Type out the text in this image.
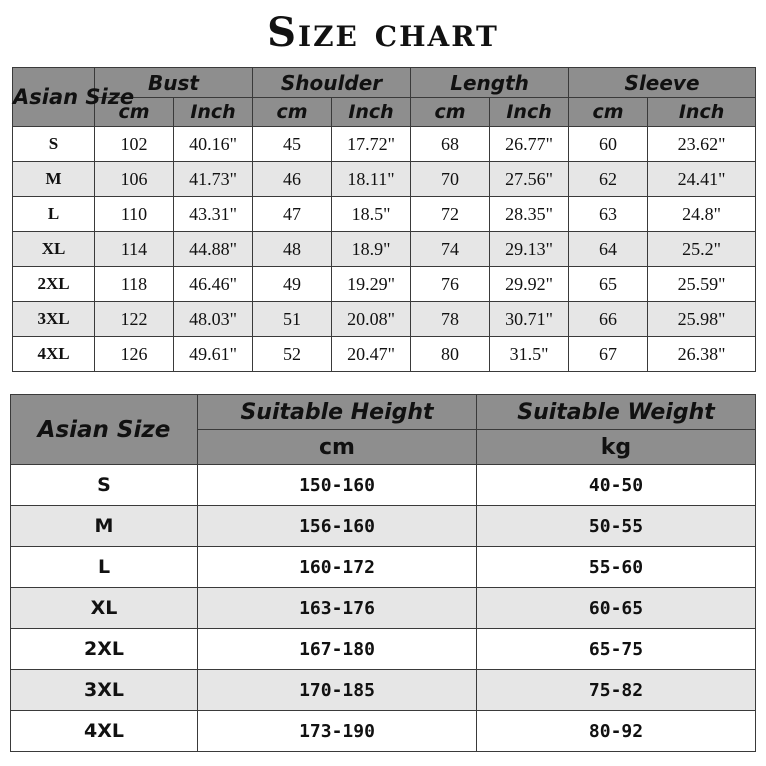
Size chart
Asian Size	Bust		Shoulder		Length		Sleeve	
	cm	Inch	cm	Inch	cm	Inch	cm	Inch
S	102	40.16"	45	17.72"	68	26.77"	60	23.62"
M	106	41.73"	46	18.11"	70	27.56"	62	24.41"
L	110	43.31"	47	18.5"	72	28.35"	63	24.8"
XL	114	44.88"	48	18.9"	74	29.13"	64	25.2"
2XL	118	46.46"	49	19.29"	76	29.92"	65	25.59"
3XL	122	48.03"	51	20.08"	78	30.71"	66	25.98"
4XL	126	49.61"	52	20.47"	80	31.5"	67	26.38"
Asian Size	Suitable Height	Suitable Weight
	cm	kg
S	150-160	40-50
M	156-160	50-55
L	160-172	55-60
XL	163-176	60-65
2XL	167-180	65-75
3XL	170-185	75-82
4XL	173-190	80-92
